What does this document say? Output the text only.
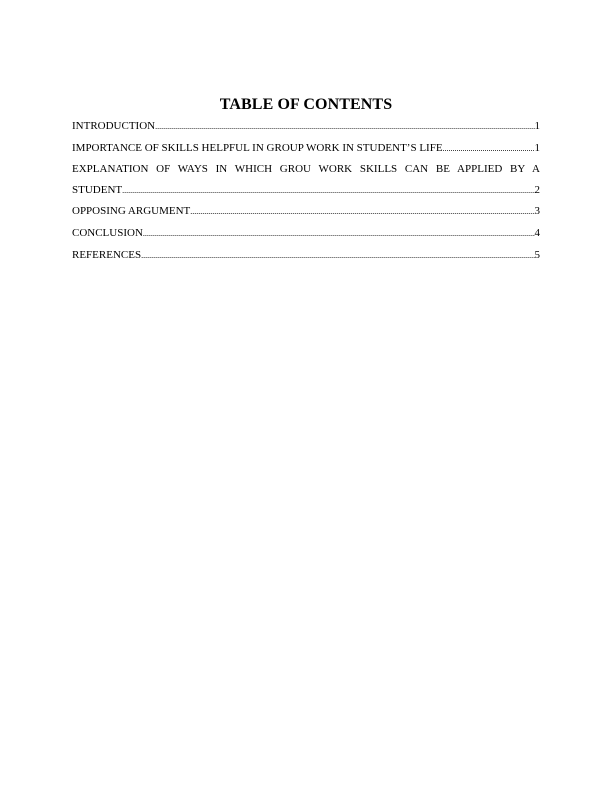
TABLE OF CONTENTS
INTRODUCTION .....	1
IMPORTANCE OF SKILLS HELPFUL IN GROUP WORK IN STUDENT’S LIFE .....	1
EXPLANATION OF WAYS IN WHICH GROU WORK SKILLS CAN BE APPLIED BY A
STUDENT .....	2
OPPOSING ARGUMENT .....	3
CONCLUSION .....	4
REFERENCES .....	5
